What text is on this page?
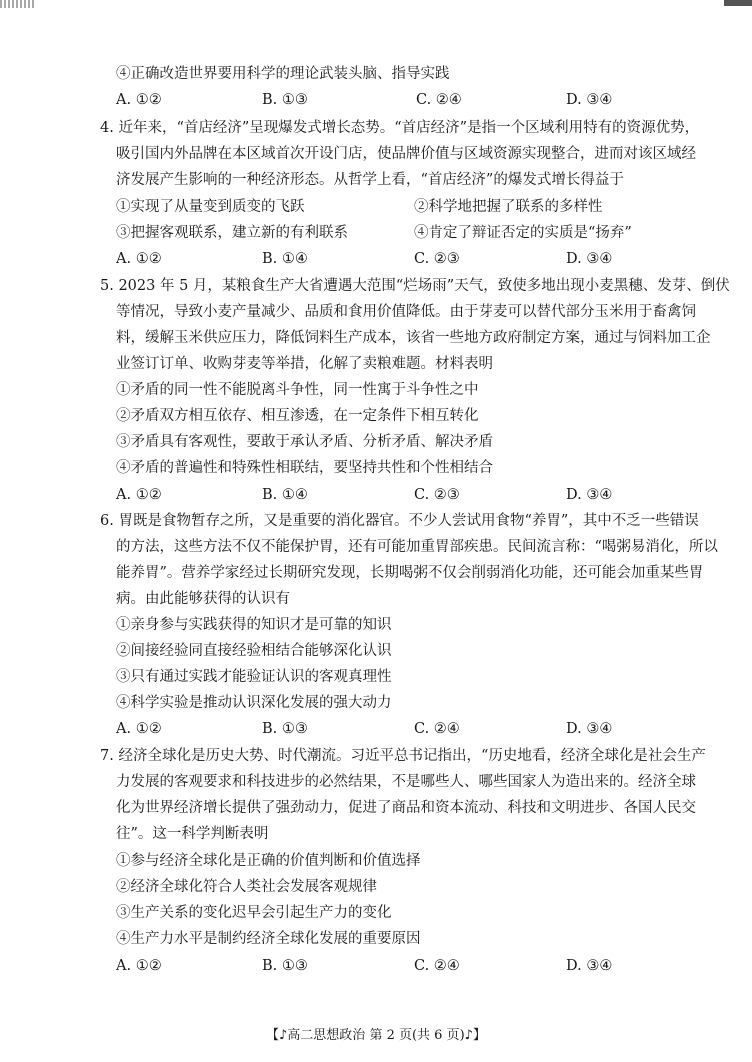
④正确改造世界要用科学的理论武装头脑、指导实践
A. ①②	B. ①③	C. ②④	D. ③④
4. 近年来，“首店经济”呈现爆发式增长态势。“首店经济”是指一个区域利用特有的资源优势，
吸引国内外品牌在本区域首次开设门店，使品牌价值与区域资源实现整合，进而对该区域经
济发展产生影响的一种经济形态。从哲学上看，“首店经济”的爆发式增长得益于
①实现了从量变到质变的飞跃	②科学地把握了联系的多样性
③把握客观联系，建立新的有利联系	④肯定了辩证否定的实质是“扬弃”
A. ①②	B. ①④	C. ②③	D. ③④
5. 2023 年 5 月，某粮食生产大省遭遇大范围“烂场雨”天气，致使多地出现小麦黑穗、发芽、倒伏
等情况，导致小麦产量减少、品质和食用价值降低。由于芽麦可以替代部分玉米用于畜禽饲
料，缓解玉米供应压力，降低饲料生产成本，该省一些地方政府制定方案，通过与饲料加工企
业签订订单、收购芽麦等举措，化解了卖粮难题。材料表明
①矛盾的同一性不能脱离斗争性，同一性寓于斗争性之中
②矛盾双方相互依存、相互渗透，在一定条件下相互转化
③矛盾具有客观性，要敢于承认矛盾、分析矛盾、解决矛盾
④矛盾的普遍性和特殊性相联结，要坚持共性和个性相结合
A. ①②	B. ①④	C. ②③	D. ③④
6. 胃既是食物暂存之所，又是重要的消化器官。不少人尝试用食物“养胃”，其中不乏一些错误
的方法，这些方法不仅不能保护胃，还有可能加重胃部疾患。民间流言称：“喝粥易消化，所以
能养胃”。营养学家经过长期研究发现，长期喝粥不仅会削弱消化功能，还可能会加重某些胃
病。由此能够获得的认识有
①亲身参与实践获得的知识才是可靠的知识
②间接经验同直接经验相结合能够深化认识
③只有通过实践才能验证认识的客观真理性
④科学实验是推动认识深化发展的强大动力
A. ①②	B. ①③	C. ②④	D. ③④
7. 经济全球化是历史大势、时代潮流。习近平总书记指出，“历史地看，经济全球化是社会生产
力发展的客观要求和科技进步的必然结果，不是哪些人、哪些国家人为造出来的。经济全球
化为世界经济增长提供了强劲动力，促进了商品和资本流动、科技和文明进步、各国人民交
往”。这一科学判断表明
①参与经济全球化是正确的价值判断和价值选择
②经济全球化符合人类社会发展客观规律
③生产关系的变化迟早会引起生产力的变化
④生产力水平是制约经济全球化发展的重要原因
A. ①②	B. ①③	C. ②④	D. ③④
【♪高二思想政治 第 2 页(共 6 页)♪】
